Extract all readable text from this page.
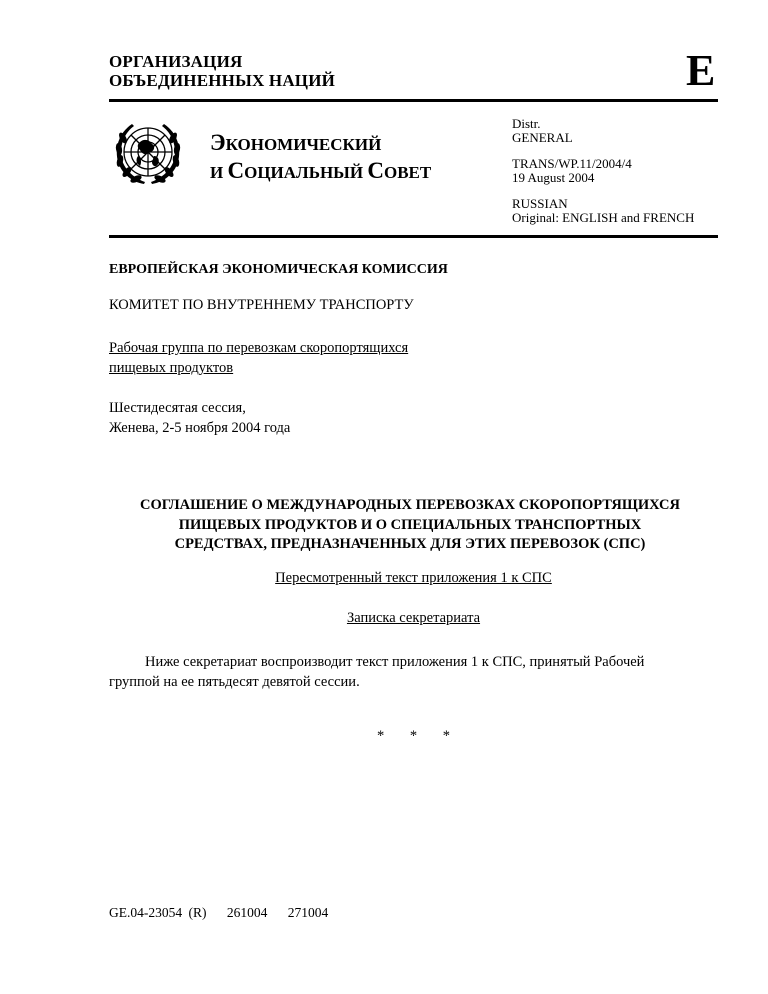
ОРГАНИЗАЦИЯ
ОБЪЕДИНЕННЫХ НАЦИЙ	E
ЭКОНОМИЧЕСКИЙ
И СОЦИАЛЬНЫЙ СОВЕТ
Distr.
GENERAL
TRANS/WP.11/2004/4
19 August 2004
RUSSIAN
Original: ENGLISH and FRENCH
ЕВРОПЕЙСКАЯ ЭКОНОМИЧЕСКАЯ КОМИССИЯ
КОМИТЕТ ПО ВНУТРЕННЕМУ ТРАНСПОРТУ
Рабочая группа по перевозкам скоропортящихся
пищевых продуктов
Шестидесятая сессия,
Женева, 2-5 ноября 2004 года
СОГЛАШЕНИЕ О МЕЖДУНАРОДНЫХ ПЕРЕВОЗКАХ СКОРОПОРТЯЩИХСЯ
ПИЩЕВЫХ ПРОДУКТОВ И О СПЕЦИАЛЬНЫХ ТРАНСПОРТНЫХ
СРЕДСТВАХ, ПРЕДНАЗНАЧЕННЫХ ДЛЯ ЭТИХ ПЕРЕВОЗОК (СПС)
Пересмотренный текст приложения 1 к СПС
Записка секретариата
Ниже секретариат воспроизводит текст приложения 1 к СПС, принятый Рабочей
группой на ее пятьдесят девятой сессии.
* * *
GE.04-23054 (R) 261004 271004
